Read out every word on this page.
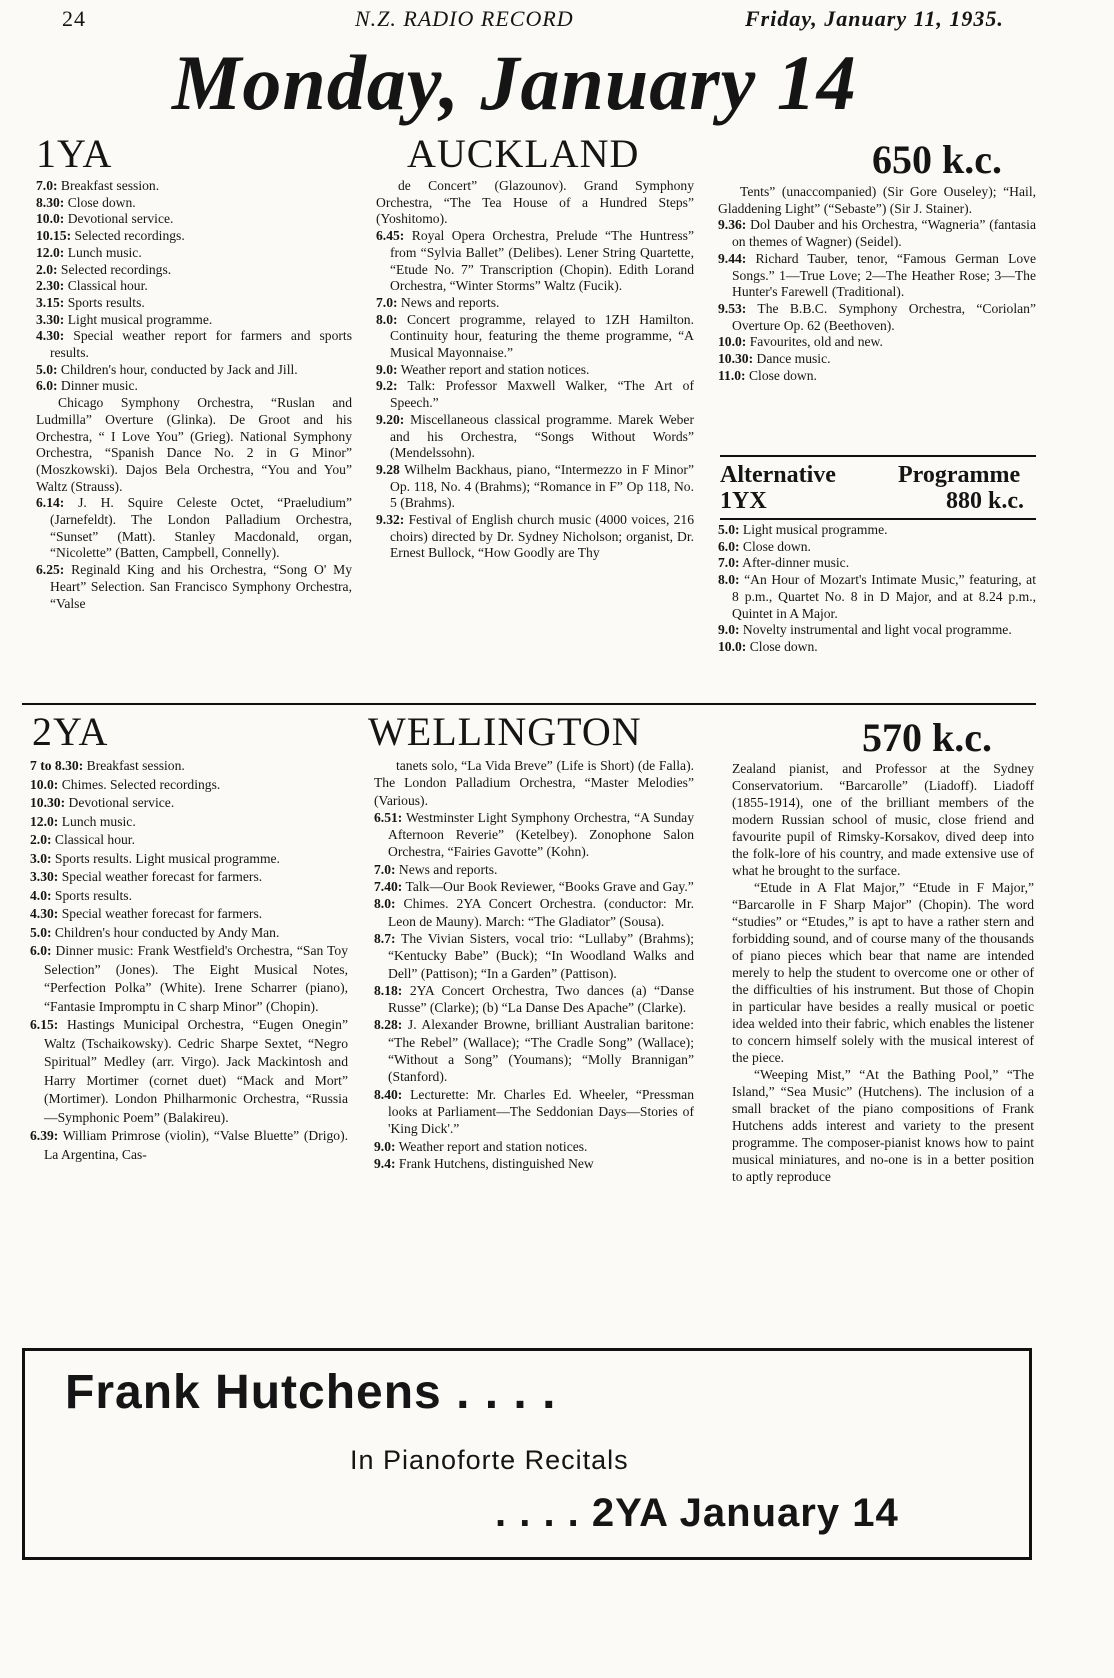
24	N.Z. RADIO RECORD	Friday, January 11, 1935.
Monday, January 14
1YA	AUCKLAND	650 k.c.

7.0: Breakfast session.

8.30: Close down.

10.0: Devotional service.

10.15: Selected recordings.

12.0: Lunch music.

2.0: Selected recordings.

2.30: Classical hour.

3.15: Sports results.

3.30: Light musical programme.

4.30: Special weather report for farmers and sports results.

5.0: Children's hour, conducted by Jack and Jill.

6.0: Dinner music.

Chicago Symphony Orchestra, “Ruslan and Ludmilla” Overture (Glinka). De Groot and his Orchestra, “ I Love You” (Grieg). National Symphony Orchestra, “Spanish Dance No. 2 in G Minor” (Moszkowski). Dajos Bela Orchestra, “You and You” Waltz (Strauss).

6.14: J. H. Squire Celeste Octet, “Praeludium” (Jarnefeldt). The London Palladium Orchestra, “Sunset” (Matt). Stanley Macdonald, organ, “Nicolette” (Batten, Campbell, Connelly).

6.25: Reginald King and his Orchestra, “Song O' My Heart” Selection. San Francisco Symphony Orchestra, “Valse

de Concert” (Glazounov). Grand Symphony Orchestra, “The Tea House of a Hundred Steps” (Yoshitomo).

6.45: Royal Opera Orchestra, Prelude “The Huntress” from “Sylvia Ballet” (Delibes). Lener String Quartette, “Etude No. 7” Transcription (Chopin). Edith Lorand Orchestra, “Winter Storms” Waltz (Fucik).

7.0: News and reports.

8.0: Concert programme, relayed to 1ZH Hamilton. Continuity hour, featuring the theme programme, “A Musical Mayonnaise.”

9.0: Weather report and station notices.

9.2: Talk: Professor Maxwell Walker, “The Art of Speech.”

9.20: Miscellaneous classical programme. Marek Weber and his Orchestra, “Songs Without Words” (Mendelssohn).

9.28 Wilhelm Backhaus, piano, “Intermezzo in F Minor” Op. 118, No. 4 (Brahms); “Romance in F” Op 118, No. 5 (Brahms).

9.32: Festival of English church music (4000 voices, 216 choirs) directed by Dr. Sydney Nicholson; organist, Dr. Ernest Bullock, “How Goodly are Thy

Tents” (unaccompanied) (Sir Gore Ouseley); “Hail, Gladdening Light” (“Sebaste”) (Sir J. Stainer).

9.36: Dol Dauber and his Orchestra, “Wagneria” (fantasia on themes of Wagner) (Seidel).

9.44: Richard Tauber, tenor, “Famous German Love Songs.” 1—True Love; 2—The Heather Rose; 3—The Hunter's Farewell (Traditional).

9.53: The B.B.C. Symphony Orchestra, “Coriolan” Overture Op. 62 (Beethoven).

10.0: Favourites, old and new.

10.30: Dance music.

11.0: Close down.

Alternative	Programme
1YX	880 k.c.

5.0: Light musical programme.

6.0: Close down.

7.0: After-dinner music.

8.0: “An Hour of Mozart's Intimate Music,” featuring, at 8 p.m., Quartet No. 8 in D Major, and at 8.24 p.m., Quintet in A Major.

9.0: Novelty instrumental and light vocal programme.

10.0: Close down.

2YA	WELLINGTON	570 k.c.

7 to 8.30: Breakfast session.

10.0: Chimes. Selected recordings.

10.30: Devotional service.

12.0: Lunch music.

2.0: Classical hour.

3.0: Sports results. Light musical programme.

3.30: Special weather forecast for farmers.

4.0: Sports results.

4.30: Special weather forecast for farmers.

5.0: Children's hour conducted by Andy Man.

6.0: Dinner music: Frank Westfield's Orchestra, “San Toy Selection” (Jones). The Eight Musical Notes, “Perfection Polka” (White). Irene Scharrer (piano), “Fantasie Impromptu in C sharp Minor” (Chopin).

6.15: Hastings Municipal Orchestra, “Eugen Onegin” Waltz (Tschaikowsky). Cedric Sharpe Sextet, “Negro Spiritual” Medley (arr. Virgo). Jack Mackintosh and Harry Mortimer (cornet duet) “Mack and Mort” (Mortimer). London Philharmonic Orchestra, “Russia—Symphonic Poem” (Balakireu).

6.39: William Primrose (violin), “Valse Bluette” (Drigo). La Argentina, Cas-

tanets solo, “La Vida Breve” (Life is Short) (de Falla). The London Palladium Orchestra, “Master Melodies” (Various).

6.51: Westminster Light Symphony Orchestra, “A Sunday Afternoon Reverie” (Ketelbey). Zonophone Salon Orchestra, “Fairies Gavotte” (Kohn).

7.0: News and reports.

7.40: Talk—Our Book Reviewer, “Books Grave and Gay.”

8.0: Chimes. 2YA Concert Orchestra. (conductor: Mr. Leon de Mauny). March: “The Gladiator” (Sousa).

8.7: The Vivian Sisters, vocal trio: “Lullaby” (Brahms); “Kentucky Babe” (Buck); “In Woodland Walks and Dell” (Pattison); “In a Garden” (Pattison).

8.18: 2YA Concert Orchestra, Two dances (a) “Danse Russe” (Clarke); (b) “La Danse Des Apache” (Clarke).

8.28: J. Alexander Browne, brilliant Australian baritone: “The Rebel” (Wallace); “The Cradle Song” (Wallace); “Without a Song” (Youmans); “Molly Brannigan” (Stanford).

8.40: Lecturette: Mr. Charles Ed. Wheeler, “Pressman looks at Parliament—The Seddonian Days—Stories of 'King Dick'.”

9.0: Weather report and station notices.

9.4: Frank Hutchens, distinguished New

Zealand pianist, and Professor at the Sydney Conservatorium. “Barcarolle” (Liadoff). Liadoff (1855-1914), one of the brilliant members of the modern Russian school of music, close friend and favourite pupil of Rimsky-Korsakov, dived deep into the folk-lore of his country, and made extensive use of what he brought to the surface.

“Etude in A Flat Major,” “Etude in F Major,” “Barcarolle in F Sharp Major” (Chopin). The word “studies” or “Etudes,” is apt to have a rather stern and forbidding sound, and of course many of the thousands of piano pieces which bear that name are intended merely to help the student to overcome one or other of the difficulties of his instrument. But those of Chopin in particular have besides a really musical or poetic idea welded into their fabric, which enables the listener to concern himself solely with the musical interest of the piece.

“Weeping Mist,” “At the Bathing Pool,” “The Island,” “Sea Music” (Hutchens). The inclusion of a small bracket of the piano compositions of Frank Hutchens adds interest and variety to the present programme. The composer-pianist knows how to paint musical miniatures, and no-one is in a better position to aptly reproduce

Frank Hutchens . . . .
In Pianoforte Recitals
. . . . 2YA January 14
